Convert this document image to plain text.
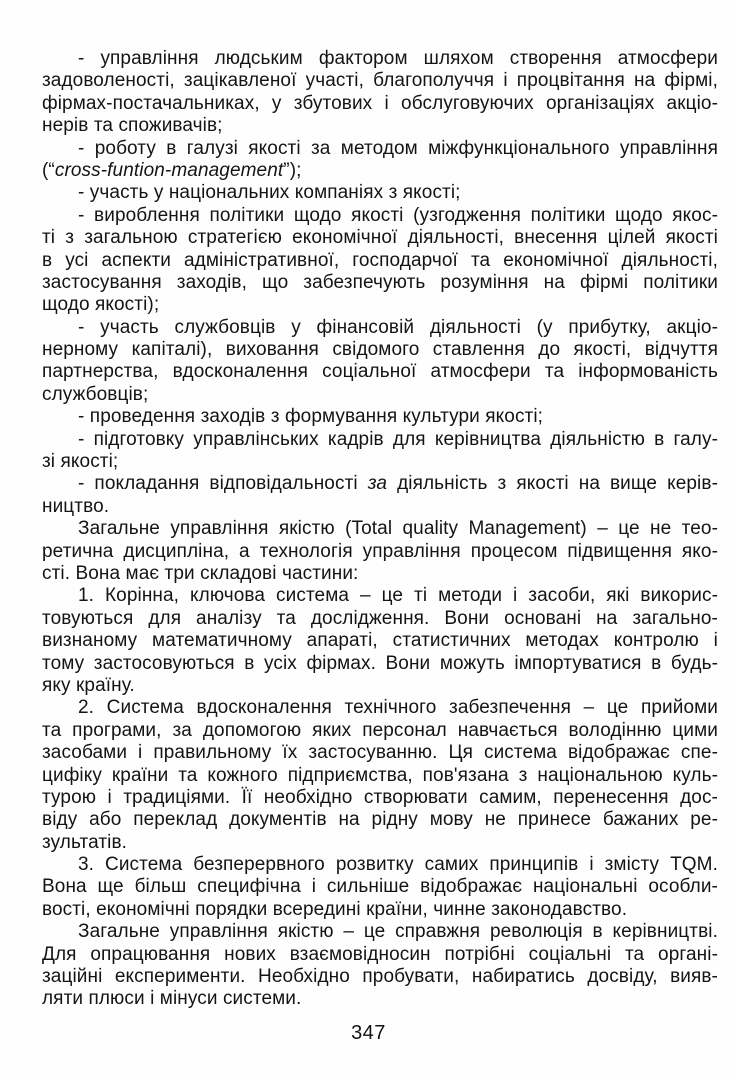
- управління людським фактором шляхом створення атмосфери
задоволеності, зацікавленої участі, благополуччя і процвітання на фірмі,
фірмах-постачальниках, у збутових і обслуговуючих організаціях акціо-
нерів та споживачів;
- роботу в галузі якості за методом міжфункціонального управління
(“cross-funtion-management”);
- участь у національних компаніях з якості;
- вироблення політики щодо якості (узгодження політики щодо якос-
ті з загальною стратегією економічної діяльності, внесення цілей якості
в усі аспекти адміністративної, господарчої та економічної діяльності,
застосування заходів, що забезпечують розуміння на фірмі політики
щодо якості);
- участь службовців у фінансовій діяльності (у прибутку, акціо-
нерному капіталі), виховання свідомого ставлення до якості, відчуття
партнерства, вдосконалення соціальної атмосфери та інформованість
службовців;
- проведення заходів з формування культури якості;
- підготовку управлінських кадрів для керівництва діяльністю в галу-
зі якості;
- покладання відповідальності за діяльність з якості на вище керів-
ництво.
Загальне управління якістю (Total quality Management) – це не тео-
ретична дисципліна, а технологія управління процесом підвищення яко-
сті. Вона має три складові частини:
1. Корінна, ключова система – це ті методи і засоби, які викорис-
товуються для аналізу та дослідження. Вони основані на загально-
визнаному математичному апараті, статистичних методах контролю і
тому застосовуються в усіх фірмах. Вони можуть імпортуватися в будь-
яку країну.
2. Система вдосконалення технічного забезпечення – це прийоми
та програми, за допомогою яких персонал навчається володінню цими
засобами і правильному їх застосуванню. Ця система відображає спе-
цифіку країни та кожного підприємства, пов'язана з національною куль-
турою і традиціями. Її необхідно створювати самим, перенесення дос-
віду або переклад документів на рідну мову не принесе бажаних ре-
зультатів.
3. Система безперервного розвитку самих принципів і змісту TQM.
Вона ще більш специфічна і сильніше відображає національні особли-
вості, економічні порядки всередині країни, чинне законодавство.
Загальне управління якістю – це справжня революція в керівництві.
Для опрацювання нових взаємовідносин потрібні соціальні та органі-
заційні експерименти. Необхідно пробувати, набиратись досвіду, вияв-
ляти плюси і мінуси системи.
347
